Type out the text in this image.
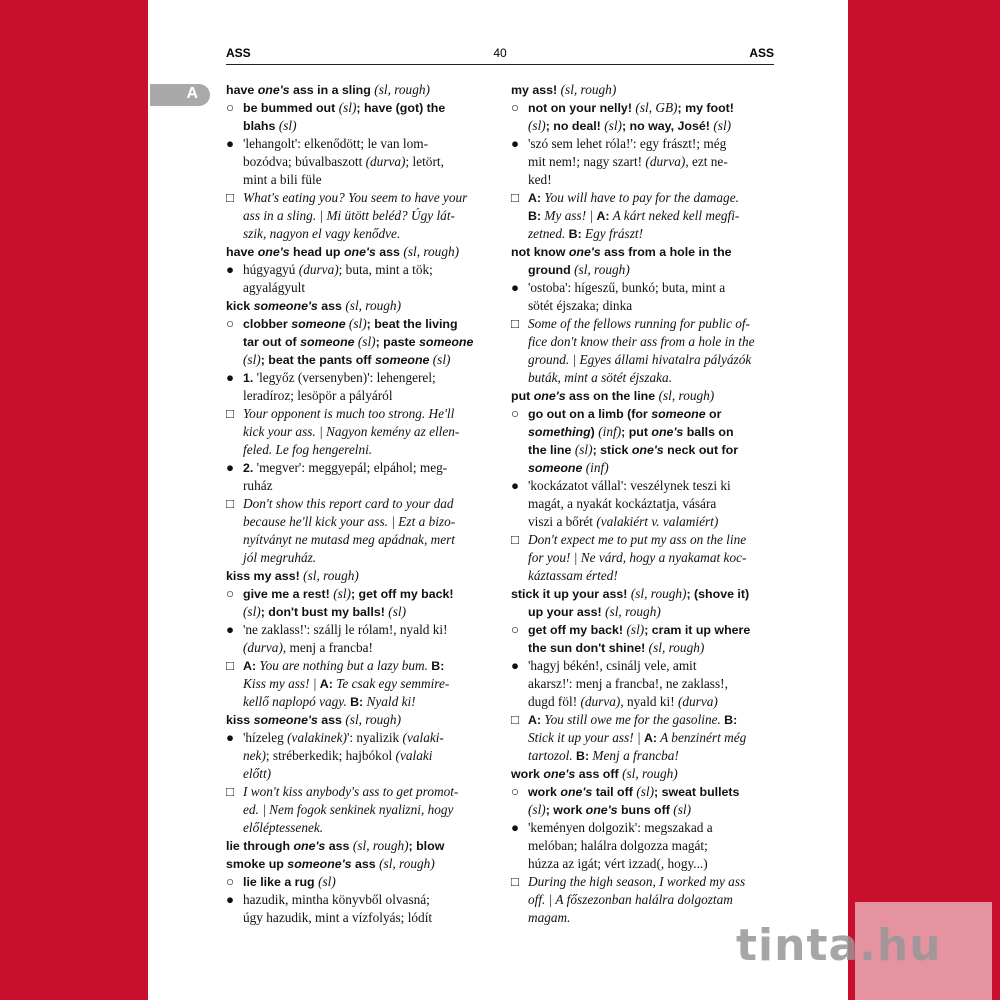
ASS	40	ASS
A have one's ass in a sling (sl, rough)
○ be bummed out (sl); have (got) the
blahs (sl)
● 'lehangolt': elkenődött; le van lom-
bozódva; búvalbaszott (durva); letört,
mint a bili füle
□ What's eating you? You seem to have your
ass in a sling. | Mi ütött beléd? Úgy lát-
szik, nagyon el vagy kenődve.
have one's head up one's ass (sl, rough)
● húgyagyú (durva); buta, mint a tök;
agyalágyult
kick someone's ass (sl, rough)
○ clobber someone (sl); beat the living
tar out of someone (sl); paste someone
(sl); beat the pants off someone (sl)
● 1. 'legyőz (versenyben)': lehengerel;
leradíroz; lesöpör a pályáról
□ Your opponent is much too strong. He'll
kick your ass. | Nagyon kemény az ellen-
feled. Le fog hengerelni.
● 2. 'megver': meggyepál; elpáhol; meg-
ruház
□ Don't show this report card to your dad
because he'll kick your ass. | Ezt a bizo-
nyítványt ne mutasd meg apádnak, mert
jól megruház.
kiss my ass! (sl, rough)
○ give me a rest! (sl); get off my back!
(sl); don't bust my balls! (sl)
● 'ne zaklass!': szállj le rólam!, nyald ki!
(durva), menj a francba!
□ A: You are nothing but a lazy bum. B:
Kiss my ass! | A: Te csak egy semmire-
kellő naplopó vagy. B: Nyald ki!
kiss someone's ass (sl, rough)
● 'hízeleg (valakinek)': nyalizik (valaki-
nek); stréberkedik; hajbókol (valaki
előtt)
□ I won't kiss anybody's ass to get promot-
ed. | Nem fogok senkinek nyalizni, hogy
előléptessenek.
lie through one's ass (sl, rough); blow
smoke up someone's ass (sl, rough)
○ lie like a rug (sl)
● hazudik, mintha könyvből olvasná;
úgy hazudik, mint a vízfolyás; lódít
my ass! (sl, rough)
○ not on your nelly! (sl, GB); my foot!
(sl); no deal! (sl); no way, José! (sl)
● 'szó sem lehet róla!': egy frászt!; még
mit nem!; nagy szart! (durva), ezt ne-
ked!
□ A: You will have to pay for the damage.
B: My ass! | A: A kárt neked kell megfi-
zetned. B: Egy frászt!
not know one's ass from a hole in the
ground (sl, rough)
● 'ostoba': hígeszű, bunkó; buta, mint a
sötét éjszaka; dinka
□ Some of the fellows running for public of-
fice don't know their ass from a hole in the
ground. | Egyes állami hivatalra pályázók
buták, mint a sötét éjszaka.
put one's ass on the line (sl, rough)
○ go out on a limb (for someone or
something) (inf); put one's balls on
the line (sl); stick one's neck out for
someone (inf)
● 'kockázatot vállal': veszélynek teszi ki
magát, a nyakát kockáztatja, vására
viszi a bőrét (valakiért v. valamiért)
□ Don't expect me to put my ass on the line
for you! | Ne várd, hogy a nyakamat koc-
káztassam érted!
stick it up your ass! (sl, rough); (shove it)
up your ass! (sl, rough)
○ get off my back! (sl); cram it up where
the sun don't shine! (sl, rough)
● 'hagyj békén!, csinálj vele, amit
akarsz!': menj a francba!, ne zaklass!,
dugd föl! (durva), nyald ki! (durva)
□ A: You still owe me for the gasoline. B:
Stick it up your ass! | A: A benzinért még
tartozol. B: Menj a francba!
work one's ass off (sl, rough)
○ work one's tail off (sl); sweat bullets
(sl); work one's buns off (sl)
● 'keményen dolgozik': megszakad a
melóban; halálra dolgozza magát;
húzza az igát; vért izzad(, hogy...)
□ During the high season, I worked my ass
off. | A főszezonban halálra dolgoztam
magam.
tinta.hu
